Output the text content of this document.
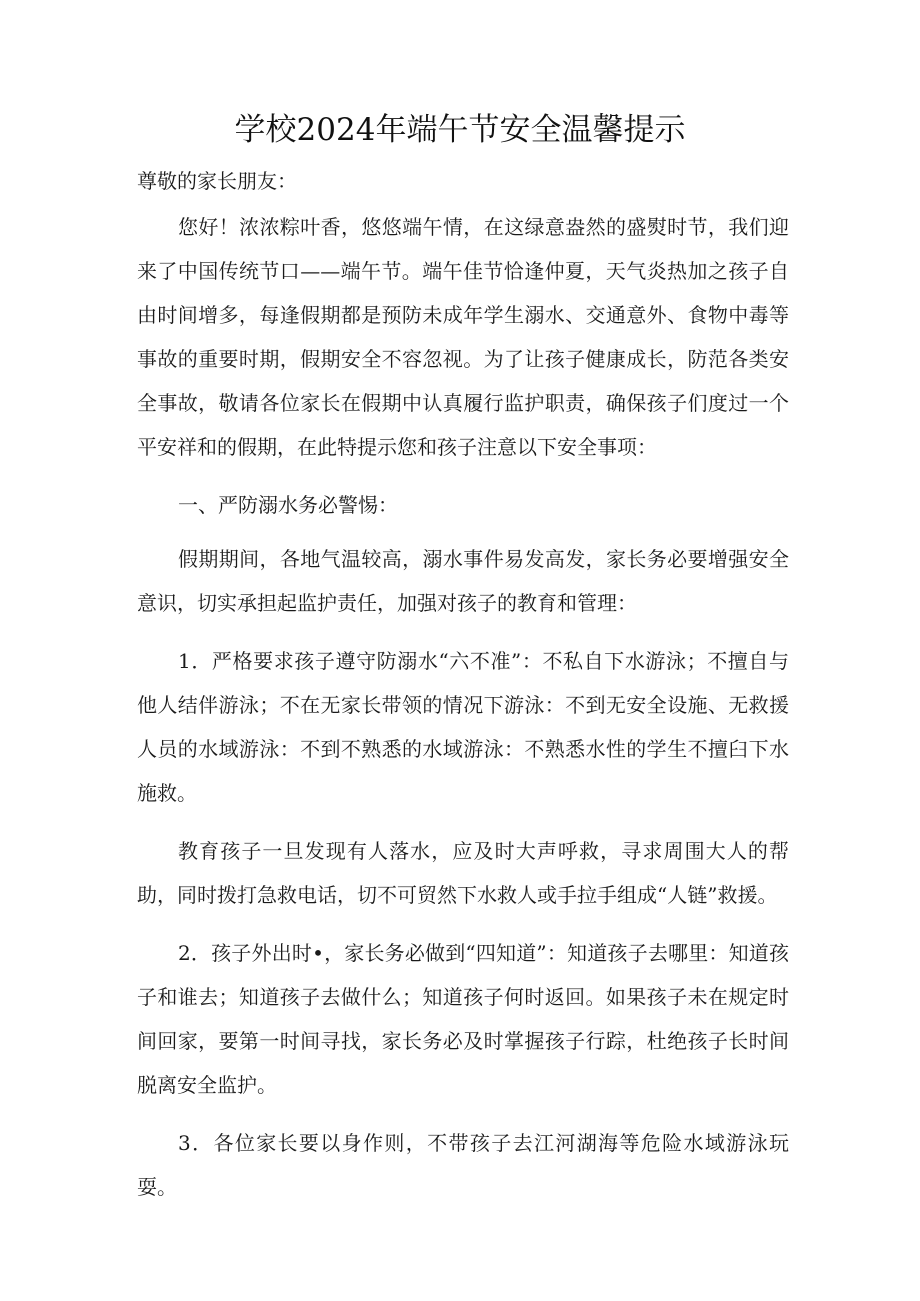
学校2024年端午节安全温馨提示
尊敬的家长朋友：

您好！浓浓粽叶香，悠悠端午情，在这绿意盎然的盛熨时节，我们迎来了中国传统节口——端午节。端午佳节恰逢仲夏，天气炎热加之孩子自由时间增多，每逢假期都是预防未成年学生溺水、交通意外、食物中毒等事故的重要时期，假期安全不容忽视。为了让孩子健康成长，防范各类安全事故，敬请各位家长在假期中认真履行监护职责，确保孩子们度过一个平安祥和的假期，在此特提示您和孩子注意以下安全事项：

一、严防溺水务必警惕：

假期期间，各地气温较高，溺水事件易发高发，家长务必要增强安全意识，切实承担起监护责任，加强对孩子的教育和管理：

1．严格要求孩子遵守防溺水“六不准”：不私自下水游泳；不擅自与他人结伴游泳；不在无家长带领的情况下游泳：不到无安全设施、无救援人员的水域游泳：不到不熟悉的水域游泳：不熟悉水性的学生不擅臼下水施救。

教育孩子一旦发现有人落水，应及时大声呼救，寻求周围大人的帮助，同时拨打急救电话，切不可贸然下水救人或手拉手组成“人链”救援。

2．孩子外出时•，家长务必做到“四知道”：知道孩子去哪里：知道孩子和谁去；知道孩子去做什么；知道孩子何时返回。如果孩子未在规定时间回家，要第一时间寻找，家长务必及时掌握孩子行踪，杜绝孩子长时间脱离安全监护。

3．各位家长要以身作则，不带孩子去江河湖海等危险水域游泳玩耍。
